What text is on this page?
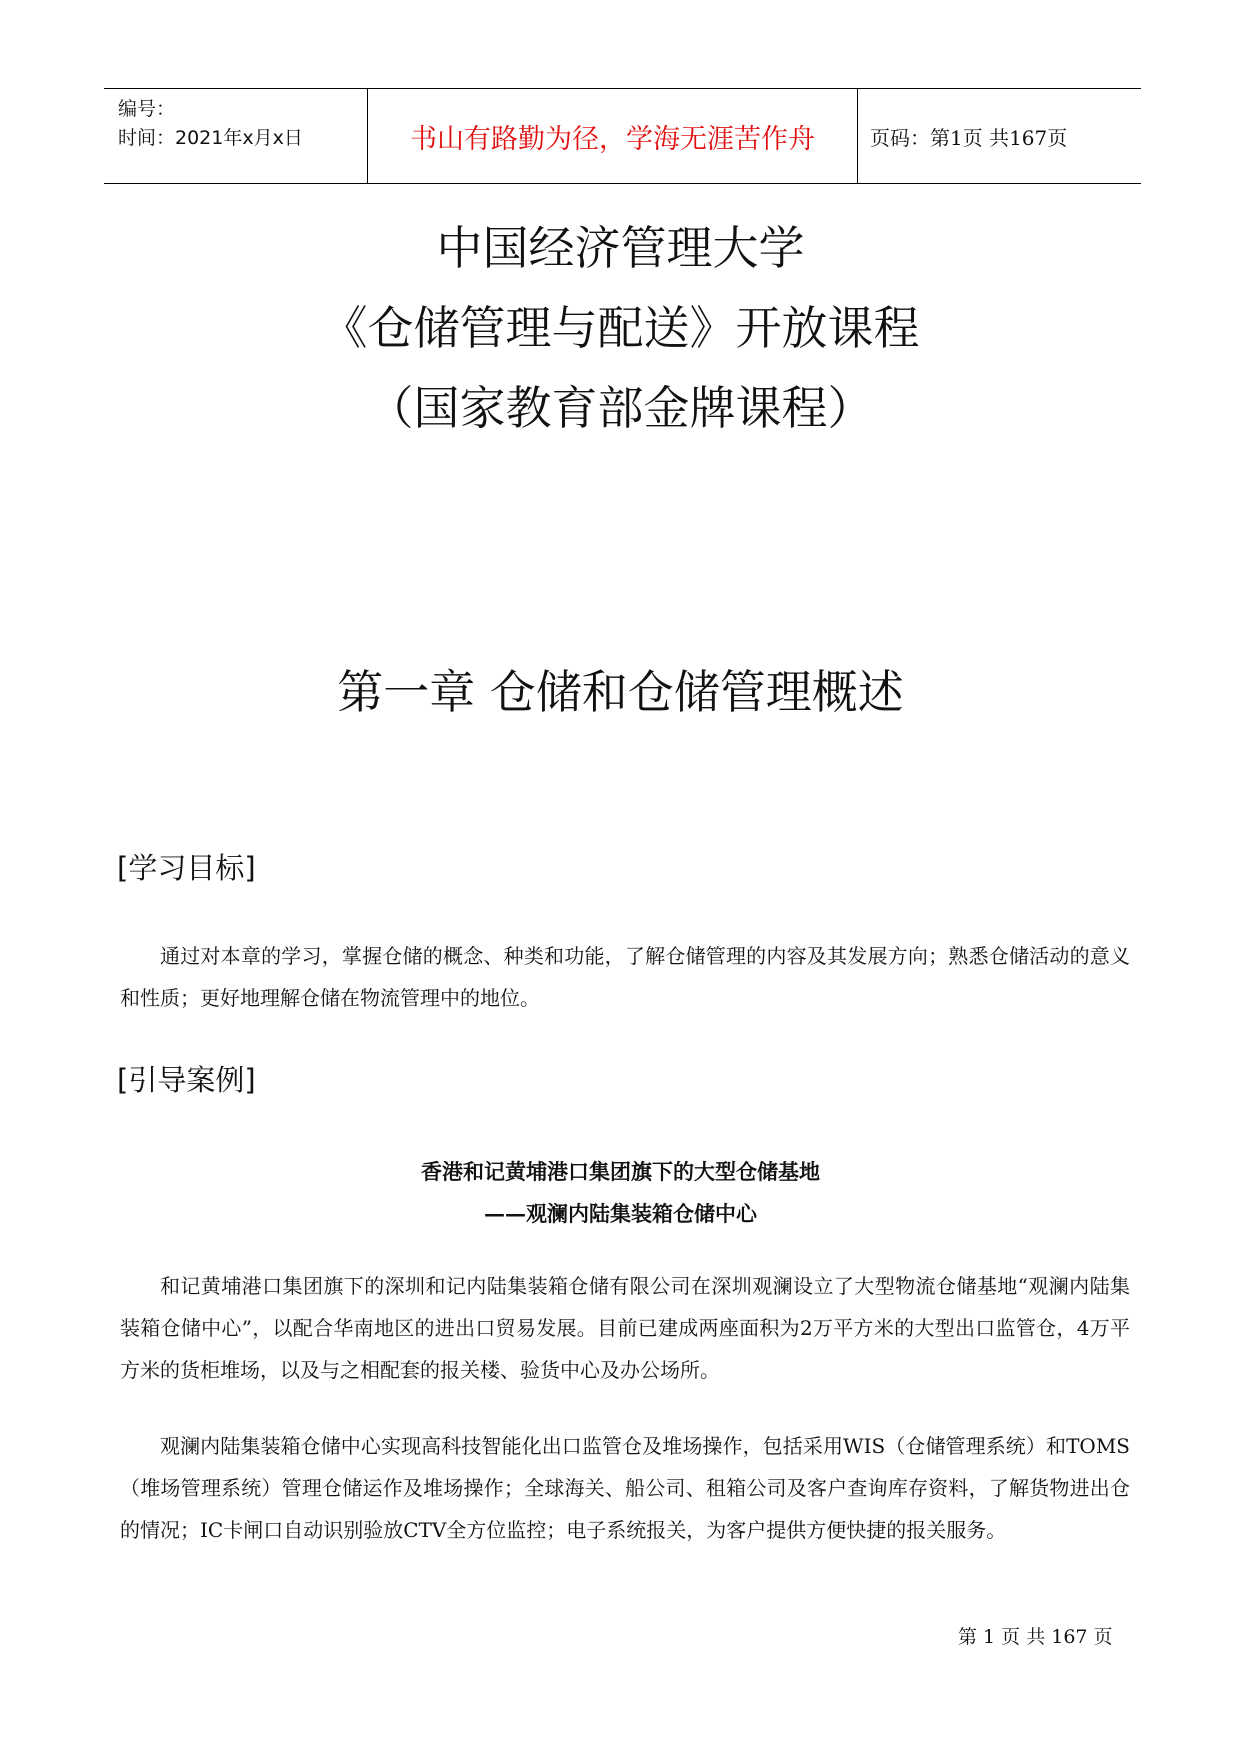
编号：
时间：2021年x月x日	书山有路勤为径，学海无涯苦作舟	页码：第1页 共167页
中国经济管理大学
《仓储管理与配送》开放课程
（国家教育部金牌课程）
第一章 仓储和仓储管理概述
[学习目标]

通过对本章的学习，掌握仓储的概念、种类和功能，了解仓储管理的内容及其发展方向；熟悉仓储活动的意义和性质；更好地理解仓储在物流管理中的地位。

[引导案例]
香港和记黄埔港口集团旗下的大型仓储基地
——观澜内陆集装箱仓储中心

和记黄埔港口集团旗下的深圳和记内陆集装箱仓储有限公司在深圳观澜设立了大型物流仓储基地“观澜内陆集装箱仓储中心”，以配合华南地区的进出口贸易发展。目前已建成两座面积为2万平方米的大型出口监管仓，4万平方米的货柜堆场，以及与之相配套的报关楼、验货中心及办公场所。

观澜内陆集装箱仓储中心实现高科技智能化出口监管仓及堆场操作，包括采用WIS（仓储管理系统）和TOMS（堆场管理系统）管理仓储运作及堆场操作；全球海关、船公司、租箱公司及客户查询库存资料，了解货物进出仓的情况；IC卡闸口自动识别验放CTV全方位监控；电子系统报关，为客户提供方便快捷的报关服务。

第 1 页 共 167 页
